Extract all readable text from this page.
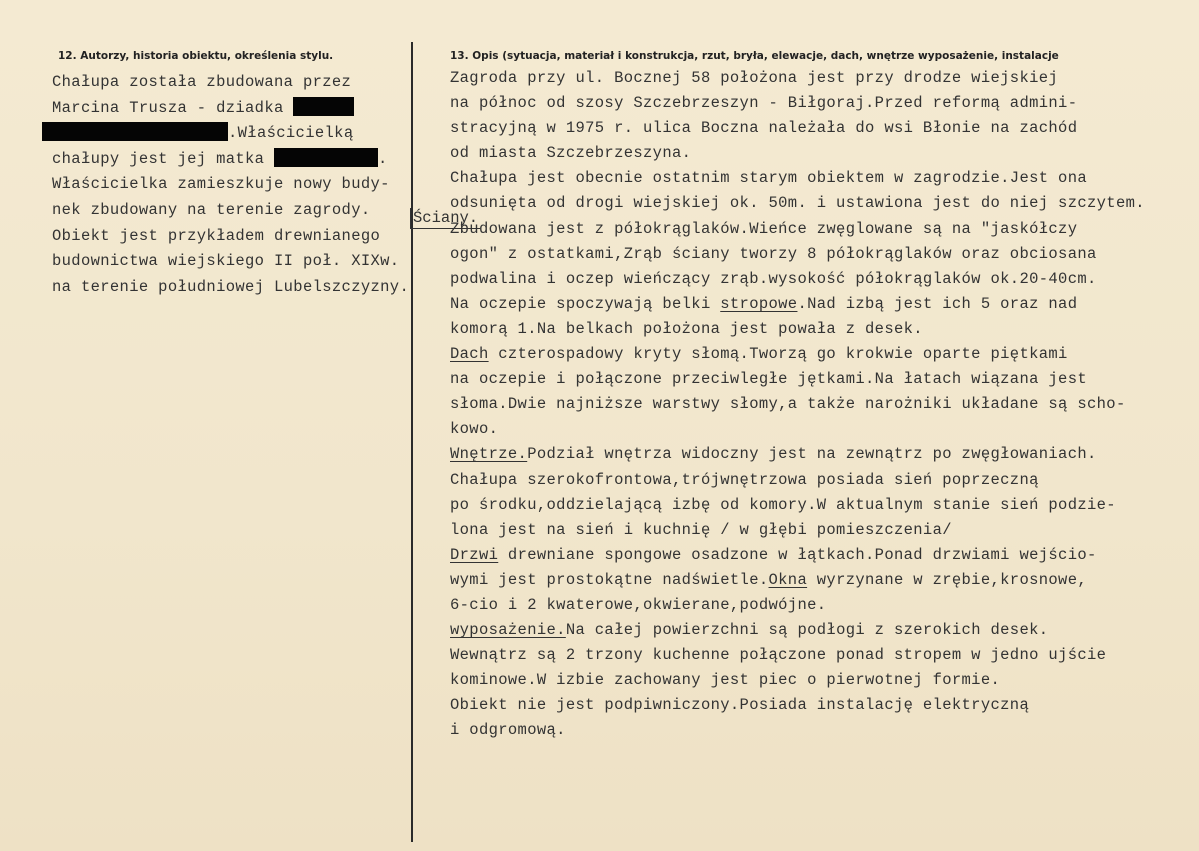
12. Autorzy, historia obiektu, określenia stylu.	13. Opis (sytuacja, materiał i konstrukcja, rzut, bryła, elewacje, dach, wnętrze wyposażenie, instalacje
Chałupa została zbudowana przez
Marcina Trusza - dziadka
.Właścicielką
chałupy jest jej matka	.
Właścicielka zamieszkuje nowy budy-
nek zbudowany na terenie zagrody.
Obiekt jest przykładem drewnianego
budownictwa wiejskiego II poł. XIXw.
na terenie południowej Lubelszczyzny.
Ściany.
Zagroda przy ul. Bocznej 58 położona jest przy drodze wiejskiej
na północ od szosy Szczebrzeszyn - Biłgoraj.Przed reformą admini-
stracyjną w 1975 r. ulica Boczna należała do wsi Błonie na zachód
od miasta Szczebrzeszyna.
Chałupa jest obecnie ostatnim starym obiektem w zagrodzie.Jest ona
odsunięta od drogi wiejskiej ok. 50m. i ustawiona jest do niej szczytem.
Zbudowana jest z półokrąglaków.Wieńce zwęglowane są na "jaskółczy
ogon" z ostatkami,Zrąb ściany tworzy 8 półokrąglaków oraz obciosana
podwalina i oczep wieńczący zrąb.wysokość półokrąglaków ok.20-40cm.
Na oczepie spoczywają belki stropowe.Nad izbą jest ich 5 oraz nad
komorą 1.Na belkach położona jest powała z desek.
Dach czterospadowy kryty słomą.Tworzą go krokwie oparte piętkami
na oczepie i połączone przeciwległe jętkami.Na łatach wiązana jest
słoma.Dwie najniższe warstwy słomy,a także narożniki układane są scho-
kowo.
Wnętrze.Podział wnętrza widoczny jest na zewnątrz po zwęgłowaniach.
Chałupa szerokofrontowa,trójwnętrzowa posiada sień poprzeczną
po środku,oddzielającą izbę od komory.W aktualnym stanie sień podzie-
lona jest na sień i kuchnię / w głębi pomieszczenia/
Drzwi drewniane spongowe osadzone w łątkach.Ponad drzwiami wejścio-
wymi jest prostokątne nadświetle.Okna wyrzynane w zrębie,krosnowe,
6-cio i 2 kwaterowe,okwierane,podwójne.
wyposażenie.Na całej powierzchni są podłogi z szerokich desek.
Wewnątrz są 2 trzony kuchenne połączone ponad stropem w jedno ujście
kominowe.W izbie zachowany jest piec o pierwotnej formie.
Obiekt nie jest podpiwniczony.Posiada instalację elektryczną
i odgromową.
